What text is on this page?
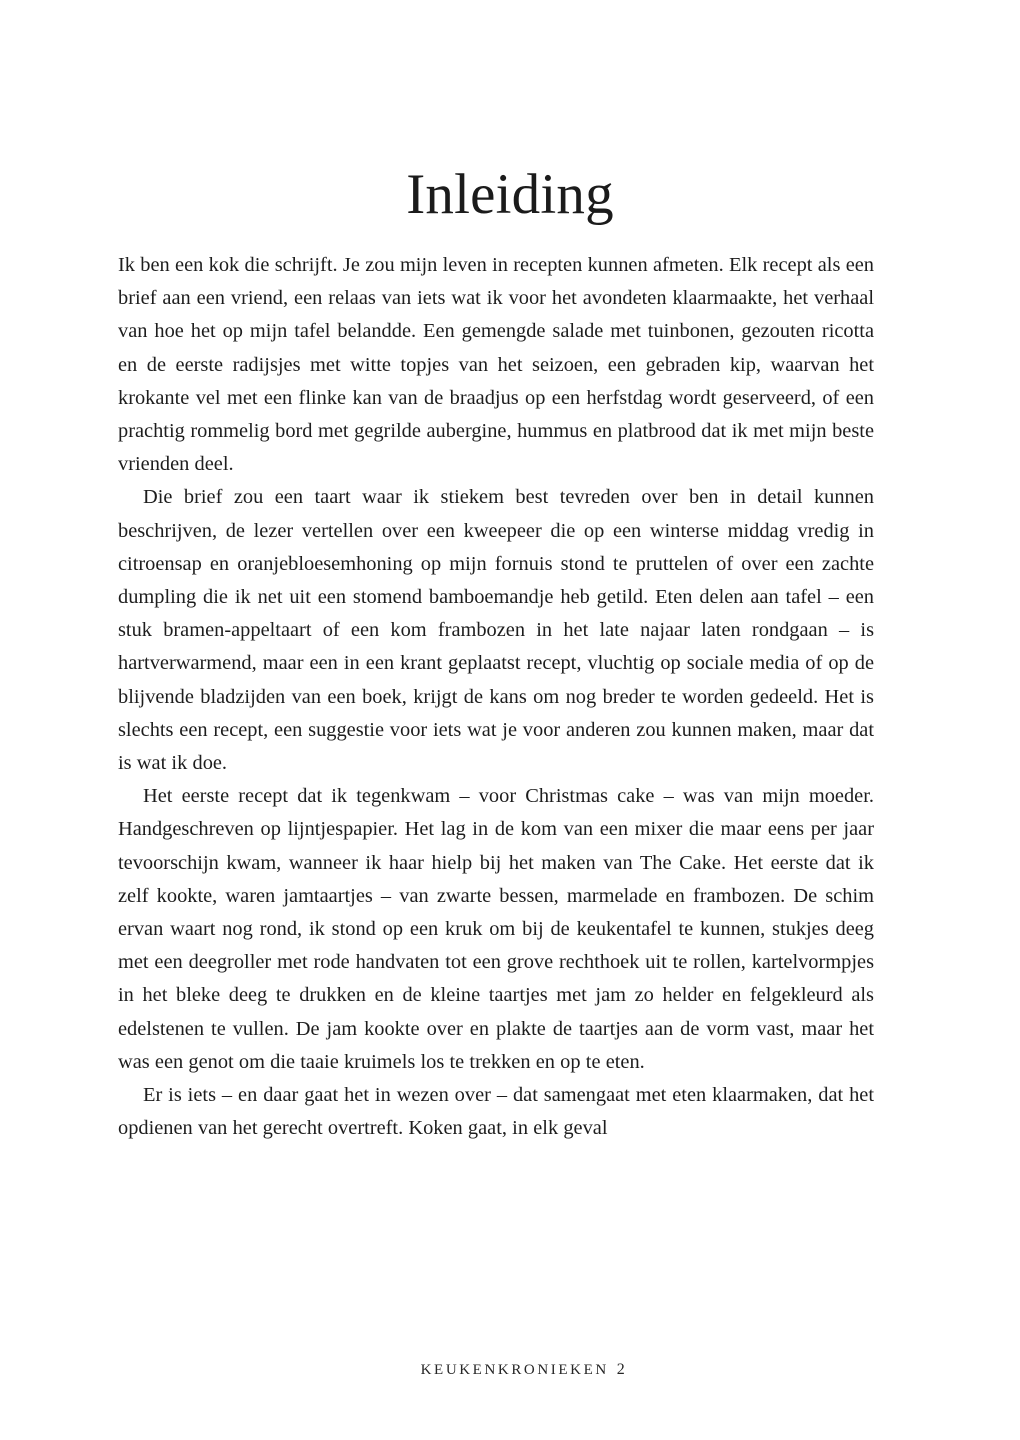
Inleiding

Ik ben een kok die schrijft. Je zou mijn leven in recepten kunnen afmeten. Elk recept als een brief aan een vriend, een relaas van iets wat ik voor het avondeten klaarmaakte, het verhaal van hoe het op mijn tafel belandde. Een gemengde salade met tuinbonen, gezouten ricotta en de eerste radijsjes met witte topjes van het seizoen, een gebraden kip, waarvan het krokante vel met een flinke kan van de braadjus op een herfstdag wordt geserveerd, of een prachtig rommelig bord met gegrilde aubergine, hummus en platbrood dat ik met mijn beste vrienden deel.

Die brief zou een taart waar ik stiekem best tevreden over ben in detail kunnen beschrijven, de lezer vertellen over een kweepeer die op een winterse middag vredig in citroensap en oranjebloesemhoning op mijn fornuis stond te pruttelen of over een zachte dumpling die ik net uit een stomend bamboemandje heb getild. Eten delen aan tafel – een stuk bramen-appeltaart of een kom frambozen in het late najaar laten rondgaan – is hartverwarmend, maar een in een krant geplaatst recept, vluchtig op sociale media of op de blijvende bladzijden van een boek, krijgt de kans om nog breder te worden gedeeld. Het is slechts een recept, een suggestie voor iets wat je voor anderen zou kunnen maken, maar dat is wat ik doe.

Het eerste recept dat ik tegenkwam – voor Christmas cake – was van mijn moeder. Handgeschreven op lijntjespapier. Het lag in de kom van een mixer die maar eens per jaar tevoorschijn kwam, wanneer ik haar hielp bij het maken van The Cake. Het eerste dat ik zelf kookte, waren jamtaartjes – van zwarte bessen, marmelade en frambozen. De schim ervan waart nog rond, ik stond op een kruk om bij de keukentafel te kunnen, stukjes deeg met een deegroller met rode handvaten tot een grove rechthoek uit te rollen, kartelvormpjes in het bleke deeg te drukken en de kleine taartjes met jam zo helder en felgekleurd als edelstenen te vullen. De jam kookte over en plakte de taartjes aan de vorm vast, maar het was een genot om die taaie kruimels los te trekken en op te eten.

Er is iets – en daar gaat het in wezen over – dat samengaat met eten klaarmaken, dat het opdienen van het gerecht overtreft. Koken gaat, in elk geval

KEUKENKRONIEKEN 2
